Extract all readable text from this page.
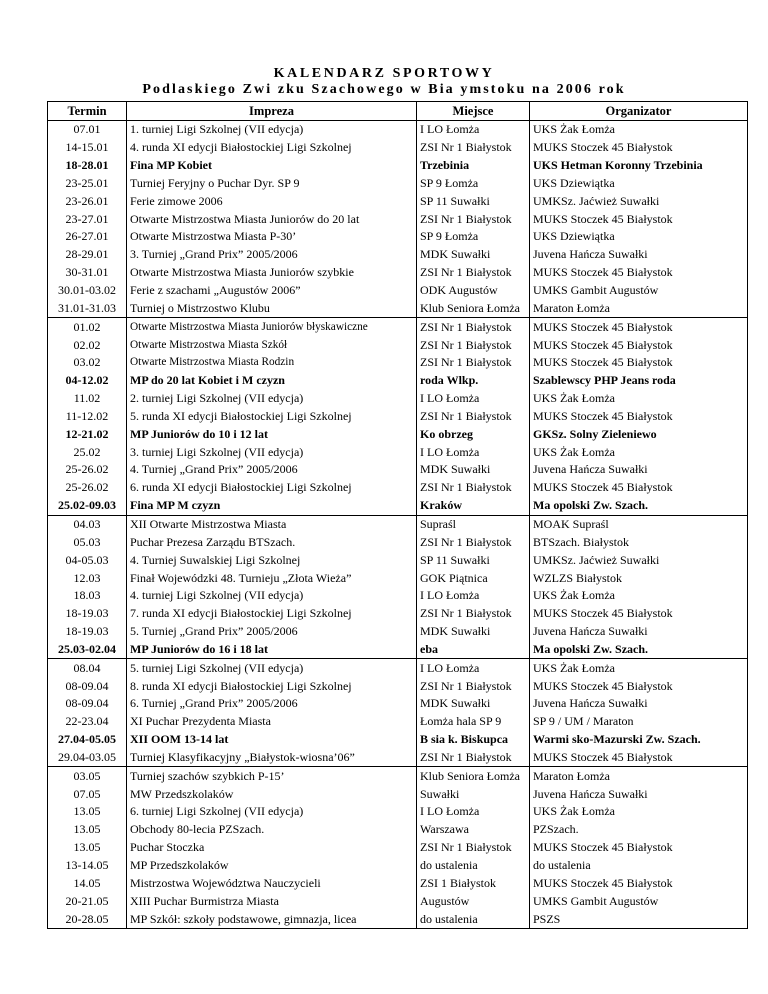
KALENDARZ SPORTOWY
Podlaskiego Zwi zku Szachowego w Bia ymstoku na 2006 rok
Termin	Impreza	Miejsce	Organizator
07.01	1. turniej Ligi Szkolnej (VII edycja)	I LO Łomża	UKS Żak Łomża
14-15.01	4. runda XI edycji Białostockiej Ligi Szkolnej	ZSI Nr 1 Białystok	MUKS Stoczek 45 Białystok
18-28.01	Fina MP Kobiet	Trzebinia	UKS Hetman Koronny Trzebinia
23-25.01	Turniej Feryjny o Puchar Dyr. SP 9	SP 9 Łomża	UKS Dziewiątka
23-26.01	Ferie zimowe 2006	SP 11 Suwałki	UMKSz. Jaćwież Suwałki
23-27.01	Otwarte Mistrzostwa Miasta Juniorów do 20 lat	ZSI Nr 1 Białystok	MUKS Stoczek 45 Białystok
26-27.01	Otwarte Mistrzostwa Miasta P-30’	SP 9 Łomża	UKS Dziewiątka
28-29.01	3. Turniej „Grand Prix” 2005/2006	MDK Suwałki	Juvena Hańcza Suwałki
30-31.01	Otwarte Mistrzostwa Miasta Juniorów szybkie	ZSI Nr 1 Białystok	MUKS Stoczek 45 Białystok
30.01-03.02	Ferie z szachami „Augustów 2006”	ODK Augustów	UMKS Gambit Augustów
31.01-31.03	Turniej o Mistrzostwo Klubu	Klub Seniora Łomża	Maraton Łomża
01.02	Otwarte Mistrzostwa Miasta Juniorów błyskawiczne	ZSI Nr 1 Białystok	MUKS Stoczek 45 Białystok
02.02	Otwarte Mistrzostwa Miasta Szkół	ZSI Nr 1 Białystok	MUKS Stoczek 45 Białystok
03.02	Otwarte Mistrzostwa Miasta Rodzin	ZSI Nr 1 Białystok	MUKS Stoczek 45 Białystok
04-12.02	MP do 20 lat Kobiet i M czyzn	roda Wlkp.	Szablewscy PHP Jeans roda
11.02	2. turniej Ligi Szkolnej (VII edycja)	I LO Łomża	UKS Żak Łomża
11-12.02	5. runda XI edycji Białostockiej Ligi Szkolnej	ZSI Nr 1 Białystok	MUKS Stoczek 45 Białystok
12-21.02	MP Juniorów do 10 i 12 lat	Ko obrzeg	GKSz. Solny Zieleniewo
25.02	3. turniej Ligi Szkolnej (VII edycja)	I LO Łomża	UKS Żak Łomża
25-26.02	4. Turniej „Grand Prix” 2005/2006	MDK Suwałki	Juvena Hańcza Suwałki
25-26.02	6. runda XI edycji Białostockiej Ligi Szkolnej	ZSI Nr 1 Białystok	MUKS Stoczek 45 Białystok
25.02-09.03	Fina MP M czyzn	Kraków	Ma opolski Zw. Szach.
04.03	XII Otwarte Mistrzostwa Miasta	Supraśl	MOAK Supraśl
05.03	Puchar Prezesa Zarządu BTSzach.	ZSI Nr 1 Białystok	BTSzach. Białystok
04-05.03	4. Turniej Suwalskiej Ligi Szkolnej	SP 11 Suwałki	UMKSz. Jaćwież Suwałki
12.03	Finał Wojewódzki 48. Turnieju „Złota Wieża”	GOK Piątnica	WZLZS Białystok
18.03	4. turniej Ligi Szkolnej (VII edycja)	I LO Łomża	UKS Żak Łomża
18-19.03	7. runda XI edycji Białostockiej Ligi Szkolnej	ZSI Nr 1 Białystok	MUKS Stoczek 45 Białystok
18-19.03	5. Turniej „Grand Prix” 2005/2006	MDK Suwałki	Juvena Hańcza Suwałki
25.03-02.04	MP Juniorów do 16 i 18 lat	eba	Ma opolski Zw. Szach.
08.04	5. turniej Ligi Szkolnej (VII edycja)	I LO Łomża	UKS Żak Łomża
08-09.04	8. runda XI edycji Białostockiej Ligi Szkolnej	ZSI Nr 1 Białystok	MUKS Stoczek 45 Białystok
08-09.04	6. Turniej „Grand Prix” 2005/2006	MDK Suwałki	Juvena Hańcza Suwałki
22-23.04	XI Puchar Prezydenta Miasta	Łomża hala SP 9	SP 9 / UM / Maraton
27.04-05.05	XII OOM 13-14 lat	B sia k. Biskupca	Warmi sko-Mazurski Zw. Szach.
29.04-03.05	Turniej Klasyfikacyjny „Białystok-wiosna’06”	ZSI Nr 1 Białystok	MUKS Stoczek 45 Białystok
03.05	Turniej szachów szybkich P-15’	Klub Seniora Łomża	Maraton Łomża
07.05	MW Przedszkolaków	Suwałki	Juvena Hańcza Suwałki
13.05	6. turniej Ligi Szkolnej (VII edycja)	I LO Łomża	UKS Żak Łomża
13.05	Obchody 80-lecia PZSzach.	Warszawa	PZSzach.
13.05	Puchar Stoczka	ZSI Nr 1 Białystok	MUKS Stoczek 45 Białystok
13-14.05	MP Przedszkolaków	do ustalenia	do ustalenia
14.05	Mistrzostwa Województwa Nauczycieli	ZSI 1 Białystok	MUKS Stoczek 45 Białystok
20-21.05	XIII Puchar Burmistrza Miasta	Augustów	UMKS Gambit Augustów
20-28.05	MP Szkół: szkoły podstawowe, gimnazja, licea	do ustalenia	PSZS
